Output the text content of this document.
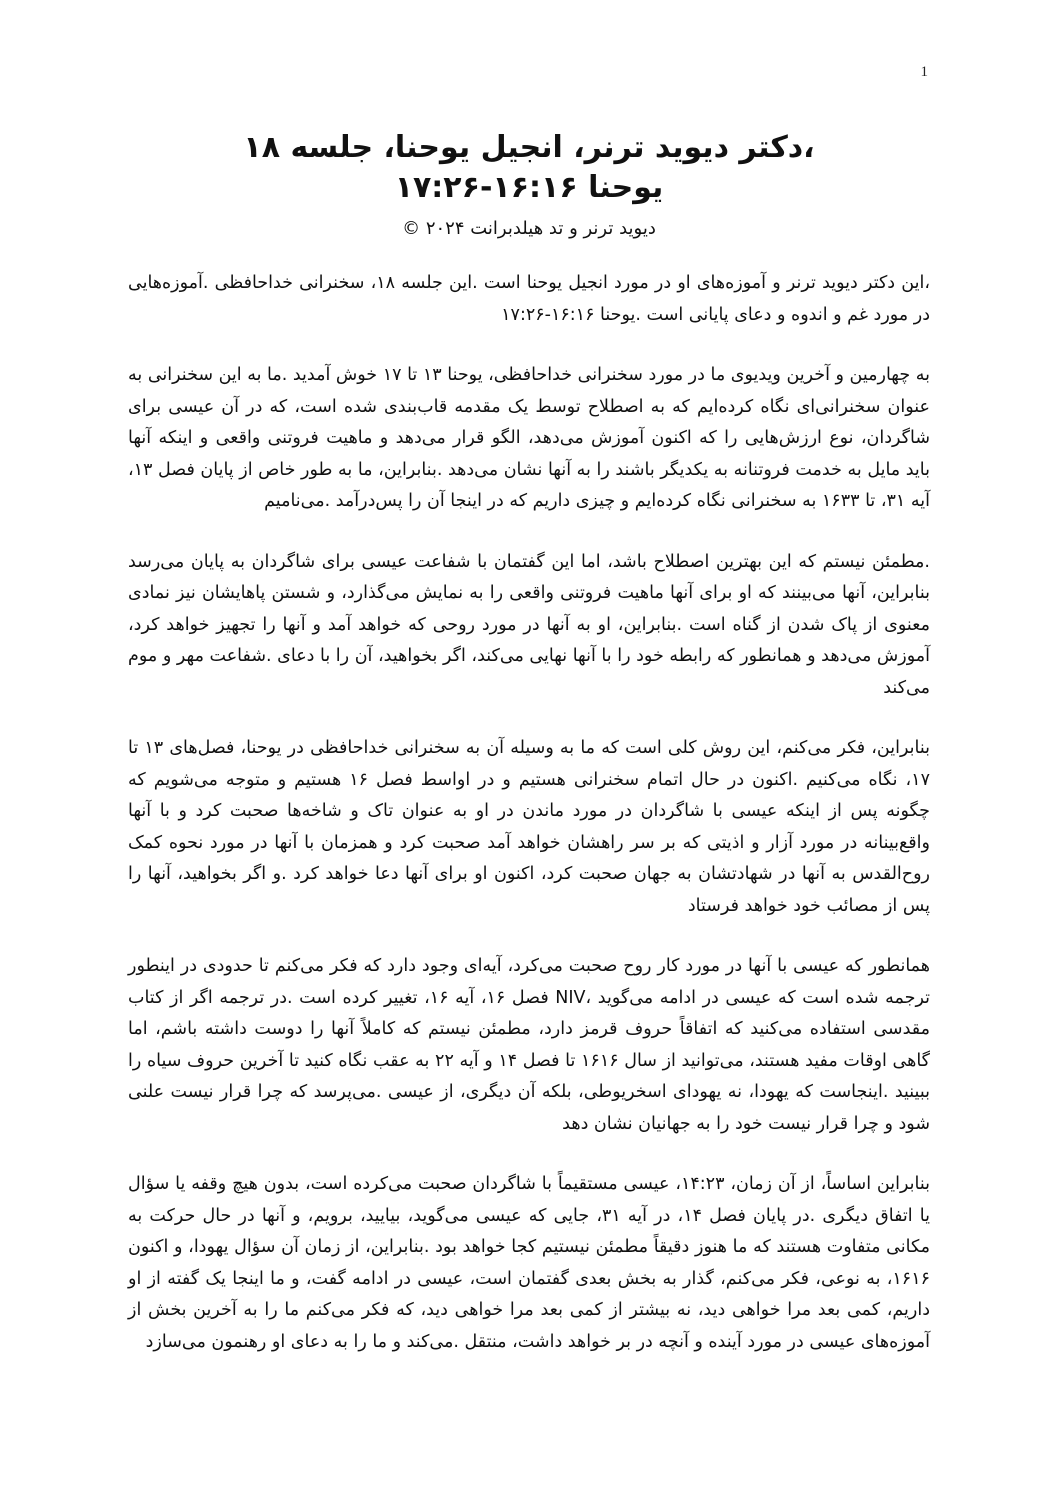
1

،دکتر دیوید ترنر، انجیل یوحنا، جلسه ۱۸

یوحنا ۱۶:۱۶-۱۷:۲۶

دیوید ترنر و تد هیلدبرانت ۲۰۲۴ ©

،این دکتر دیوید ترنر و آموزه‌های او در مورد انجیل یوحنا است .این جلسه ۱۸، سخنرانی خداحافظی .آموزه‌هایی در مورد غم و اندوه و دعای پایانی است .یوحنا ۱۶:۱۶-۱۷:۲۶

به چهارمین و آخرین ویدیوی ما در مورد سخنرانی خداحافظی، یوحنا ۱۳ تا ۱۷ خوش آمدید .ما به این سخنرانی به عنوان سخنرانی‌ای نگاه کرده‌ایم که به اصطلاح توسط یک مقدمه قاب‌بندی شده است، که در آن عیسی برای شاگردان، نوع ارزش‌هایی را که اکنون آموزش می‌دهد، الگو قرار می‌دهد و ماهیت فروتنی واقعی و اینکه آنها باید مایل به خدمت فروتنانه به یکدیگر باشند را به آنها نشان می‌دهد .بنابراین، ما به طور خاص از پایان فصل ۱۳، آیه ۳۱، تا ۱۶۳۳ به سخنرانی نگاه کرده‌ایم و چیزی داریم که در اینجا آن را پس‌درآمد .می‌نامیم

.مطمئن نیستم که این بهترین اصطلاح باشد، اما این گفتمان با شفاعت عیسی برای شاگردان به پایان می‌رسد بنابراین، آنها می‌بینند که او برای آنها ماهیت فروتنی واقعی را به نمایش می‌گذارد، و شستن پاهایشان نیز نمادی معنوی از پاک شدن از گناه است .بنابراین، او به آنها در مورد روحی که خواهد آمد و آنها را تجهیز خواهد کرد، آموزش می‌دهد و همانطور که رابطه خود را با آنها نهایی می‌کند، اگر بخواهید، آن را با دعای .شفاعت مهر و موم می‌کند

بنابراین، فکر می‌کنم، این روش کلی است که ما به وسیله آن به سخنرانی خداحافظی در یوحنا، فصل‌های ۱۳ تا ۱۷، نگاه می‌کنیم .اکنون در حال اتمام سخنرانی هستیم و در اواسط فصل ۱۶ هستیم و متوجه می‌شویم که چگونه پس از اینکه عیسی با شاگردان در مورد ماندن در او به عنوان تاک و شاخه‌ها صحبت کرد و با آنها واقع‌بینانه در مورد آزار و اذیتی که بر سر راهشان خواهد آمد صحبت کرد و همزمان با آنها در مورد نحوه کمک روح‌القدس به آنها در شهادتشان به جهان صحبت کرد، اکنون او برای آنها دعا خواهد کرد .و اگر بخواهید، آنها را پس از مصائب خود خواهد فرستاد

همانطور که عیسی با آنها در مورد کار روح صحبت می‌کرد، آیه‌ای وجود دارد که فکر می‌کنم تا حدودی در اینطور ترجمه شده است که عیسی در ادامه می‌گوید ،NIV فصل ۱۶، آیه ۱۶، تغییر کرده است .در ترجمه اگر از کتاب مقدسی استفاده می‌کنید که اتفاقاً حروف قرمز دارد، مطمئن نیستم که کاملاً آنها را دوست داشته باشم، اما گاهی اوقات مفید هستند، می‌توانید از سال ۱۶۱۶ تا فصل ۱۴ و آیه ۲۲ به عقب نگاه کنید تا آخرین حروف سیاه را ببینید .اینجاست که یهودا، نه یهودای اسخریوطی، بلکه آن دیگری، از عیسی .می‌پرسد که چرا قرار نیست علنی شود و چرا قرار نیست خود را به جهانیان نشان دهد

بنابراین اساساً، از آن زمان، ۱۴:۲۳، عیسی مستقیماً با شاگردان صحبت می‌کرده است، بدون هیچ وقفه یا سؤال یا اتفاق دیگری .در پایان فصل ۱۴، در آیه ۳۱، جایی که عیسی می‌گوید، بیایید، برویم، و آنها در حال حرکت به مکانی متفاوت هستند که ما هنوز دقیقاً مطمئن نیستیم کجا خواهد بود .بنابراین، از زمان آن سؤال یهودا، و اکنون ۱۶۱۶، به نوعی، فکر می‌کنم، گذار به بخش بعدی گفتمان است، عیسی در ادامه گفت، و ما اینجا یک گفته از او داریم، کمی بعد مرا خواهی دید، نه بیشتر از کمی بعد مرا خواهی دید، که فکر می‌کنم ما را به آخرین بخش از آموزه‌های عیسی در مورد آینده و آنچه در بر خواهد داشت، منتقل .می‌کند و ما را به دعای او رهنمون می‌سازد
